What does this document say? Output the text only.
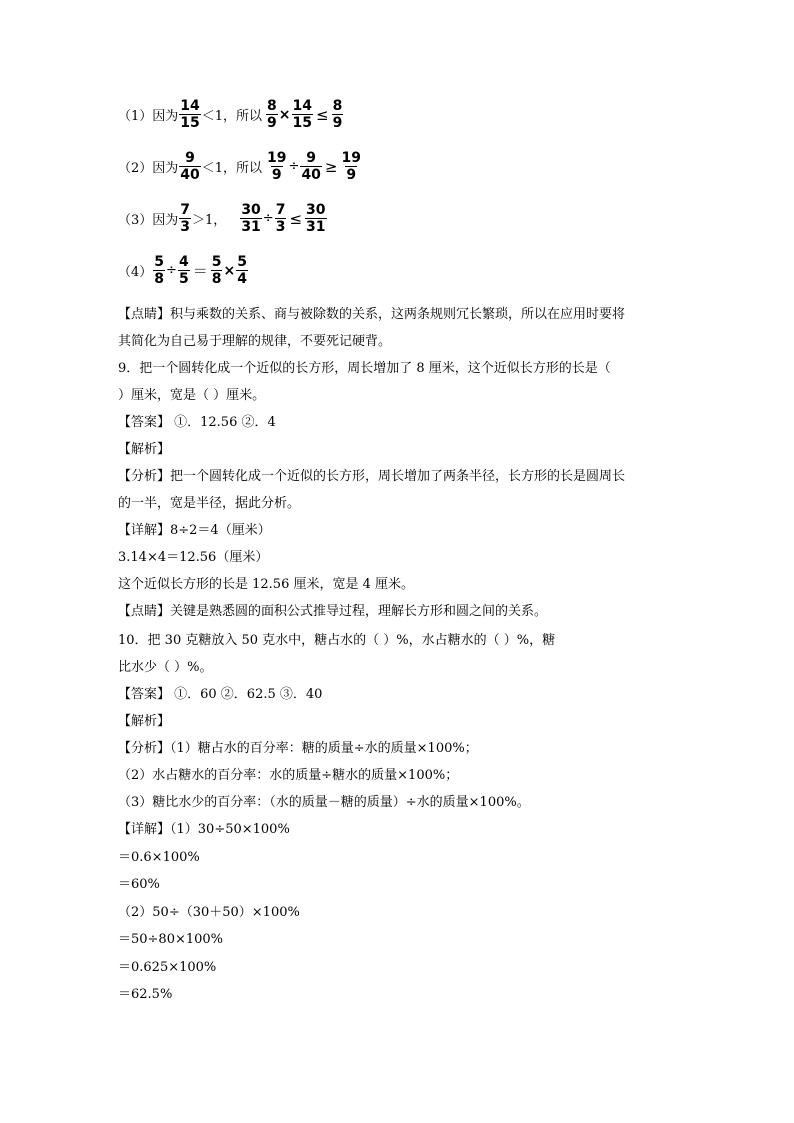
（1）因为 $\frac{14}{15} <1$，所以 $\frac{8}{9} \times \frac{14}{15} \le \frac{8}{9}$
（2）因为 $\frac{9}{40} <1$，所以 $\frac{19}{9} \div \frac{9}{40} \ge \frac{19}{9}$
（3）因为 $\frac{7}{3} >1$， $\frac{30}{31} \div \frac{7}{3} \le \frac{30}{31}$
$(4) \frac{5}{8} \div \frac{4}{5} = \frac{5}{8} \times \frac{5}{4}$
【点睛】积与乘数的关系、商与被除数的关系，这两条规则冗长繁琐，所以在应用时要将
其简化为自己易于理解的规律，不要死记硬背。
9．把一个圆转化成一个近似的长方形，周长增加了 8 厘米，这个近似长方形的长是（
）厘米，宽是（ ）厘米。
【答案】 ①．12.56 ②．4
【解析】
【分析】把一个圆转化成一个近似的长方形，周长增加了两条半径，长方形的长是圆周长
的一半，宽是半径，据此分析。
【详解】8÷2＝4（厘米）
3.14×4＝12.56（厘米）
这个近似长方形的长是 12.56 厘米，宽是 4 厘米。
【点睛】关键是熟悉圆的面积公式推导过程，理解长方形和圆之间的关系。
10．把 30 克糖放入 50 克水中，糖占水的（ ）%，水占糖水的（ ）%，糖
比水少（ ）%。
【答案】 ①．60 ②．62.5 ③．40
【解析】
【分析】（1）糖占水的百分率：糖的质量÷水的质量×100%；
（2）水占糖水的百分率：水的质量÷糖水的质量×100%；
（3）糖比水少的百分率：（水的质量－糖的质量）÷水的质量×100%。
【详解】（1）30÷50×100%
＝0.6×100%
＝60%
（2）50÷（30＋50）×100%
＝50÷80×100%
＝0.625×100%
＝62.5%
